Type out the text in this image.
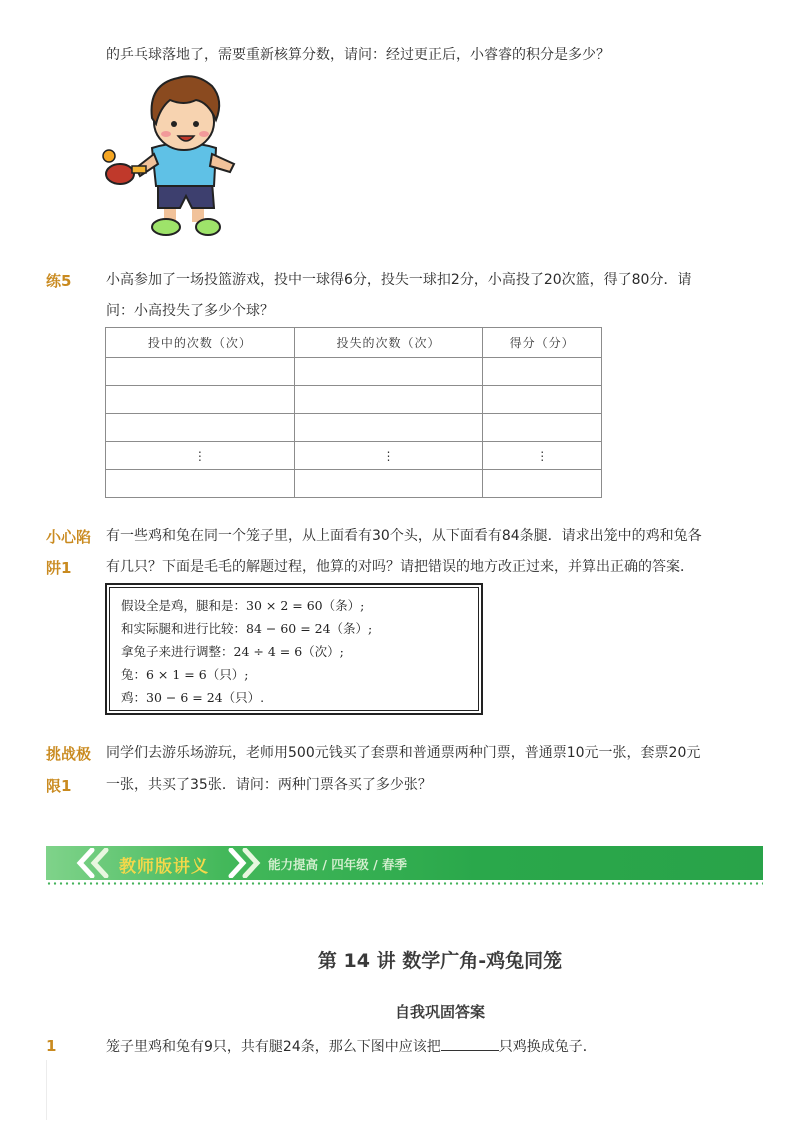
的乒乓球落地了，需要重新核算分数，请问：经过更正后，小睿睿的积分是多少？
练5 小高参加了一场投篮游戏，投中一球得6分，投失一球扣2分，小高投了20次篮，得了80分．请
问：小高投失了多少个球？
投中的次数（次）	投失的次数（次）	得分（分）

⋮	⋮	⋮

小心陷
阱1
有一些鸡和兔在同一个笼子里，从上面看有30个头，从下面看有84条腿．请求出笼中的鸡和兔各
有几只？下面是毛毛的解题过程，他算的对吗？请把错误的地方改正过来，并算出正确的答案．
假设全是鸡，腿和是：30 × 2 = 60（条）;
和实际腿和进行比较：84 − 60 = 24（条）;
拿兔子来进行调整：24 ÷ 4 = 6（次）;
兔：6 × 1 = 6（只）;
鸡：30 − 6 = 24（只）.
挑战极
限1
同学们去游乐场游玩，老师用500元钱买了套票和普通票两种门票，普通票10元一张，套票20元
一张，共买了35张．请问：两种门票各买了多少张？
教师版讲义	能力提高 / 四年级 / 春季
第 14 讲 数学广角-鸡兔同笼
自我巩固答案
1	笼子里鸡和兔有9只，共有腿24条，那么下图中应该把	只鸡换成兔子．
